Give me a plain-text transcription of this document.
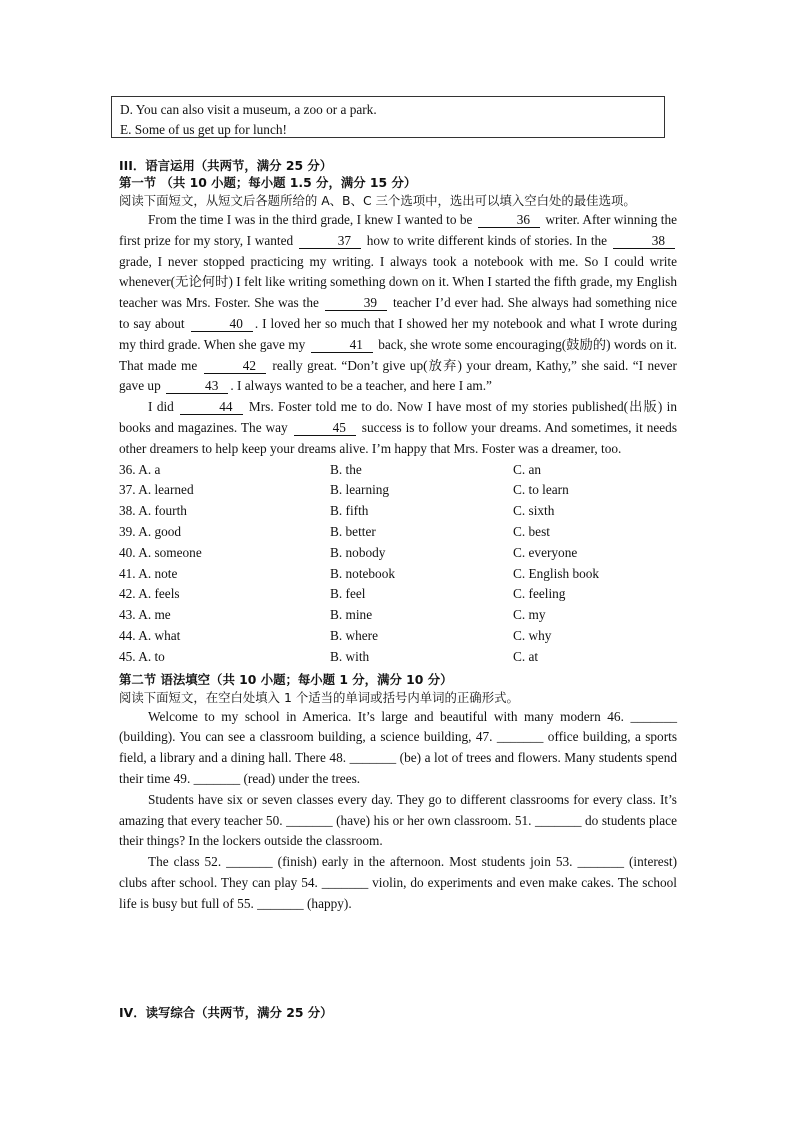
D. You can also visit a museum, a zoo or a park.
E. Some of us get up for lunch!
III．语言运用（共两节，满分 25 分）
第一节 （共 10 小题；每小题 1.5 分，满分 15 分）
阅读下面短文，从短文后各题所给的 A、B、C 三个选项中，选出可以填入空白处的最佳选项。

From the time I was in the third grade, I knew I wanted to be	36 writer. After winning the first prize for my story, I wanted	37 how to write different kinds of stories. In the	38 grade, I never stopped practicing my writing. I always took a notebook with me. So I could write whenever(无论何时) I felt like writing something down on it. When I started the fifth grade, my English teacher was Mrs. Foster. She was the	39 teacher I’d ever had. She always had something nice to say about	40 . I loved her so much that I showed her my notebook and what I wrote during my third grade. When she gave my	41 back, she wrote some encouraging(鼓励的) words on it. That made me	42 really great. “Don’t give up(放弃) your dream, Kathy,” she said. “I never gave up	43 . I always wanted to be a teacher, and here I am.”

I did	44 Mrs. Foster told me to do. Now I have most of my stories published(出版) in books and magazines. The way	45 success is to follow your dreams. And sometimes, it needs other dreamers to help keep your dreams alive. I’m happy that Mrs. Foster was a dreamer, too.

36. A. a	B. the	C. an
37. A. learned	B. learning	C. to learn
38. A. fourth	B. fifth	C. sixth
39. A. good	B. better	C. best
40. A. someone	B. nobody	C. everyone
41. A. note	B. notebook	C. English book
42. A. feels	B. feel	C. feeling
43. A. me	B. mine	C. my
44. A. what	B. where	C. why
45. A. to	B. with	C. at
第二节 语法填空（共 10 小题；每小题 1 分，满分 10 分）
阅读下面短文，在空白处填入 1 个适当的单词或括号内单词的正确形式。

Welcome to my school in America. It’s large and beautiful with many modern 46. _______ (building). You can see a classroom building, a science building, 47. _______ office building, a sports field, a library and a dining hall. There 48. _______ (be) a lot of trees and flowers. Many students spend their time 49. _______ (read) under the trees.

Students have six or seven classes every day. They go to different classrooms for every class. It’s amazing that every teacher 50. _______ (have) his or her own classroom. 51. _______ do students place their things? In the lockers outside the classroom.

The class 52. _______ (finish) early in the afternoon. Most students join 53. _______ (interest) clubs after school. They can play 54. _______ violin, do experiments and even make cakes. The school life is busy but full of 55. _______ (happy).

IV．读写综合（共两节，满分 25 分）
